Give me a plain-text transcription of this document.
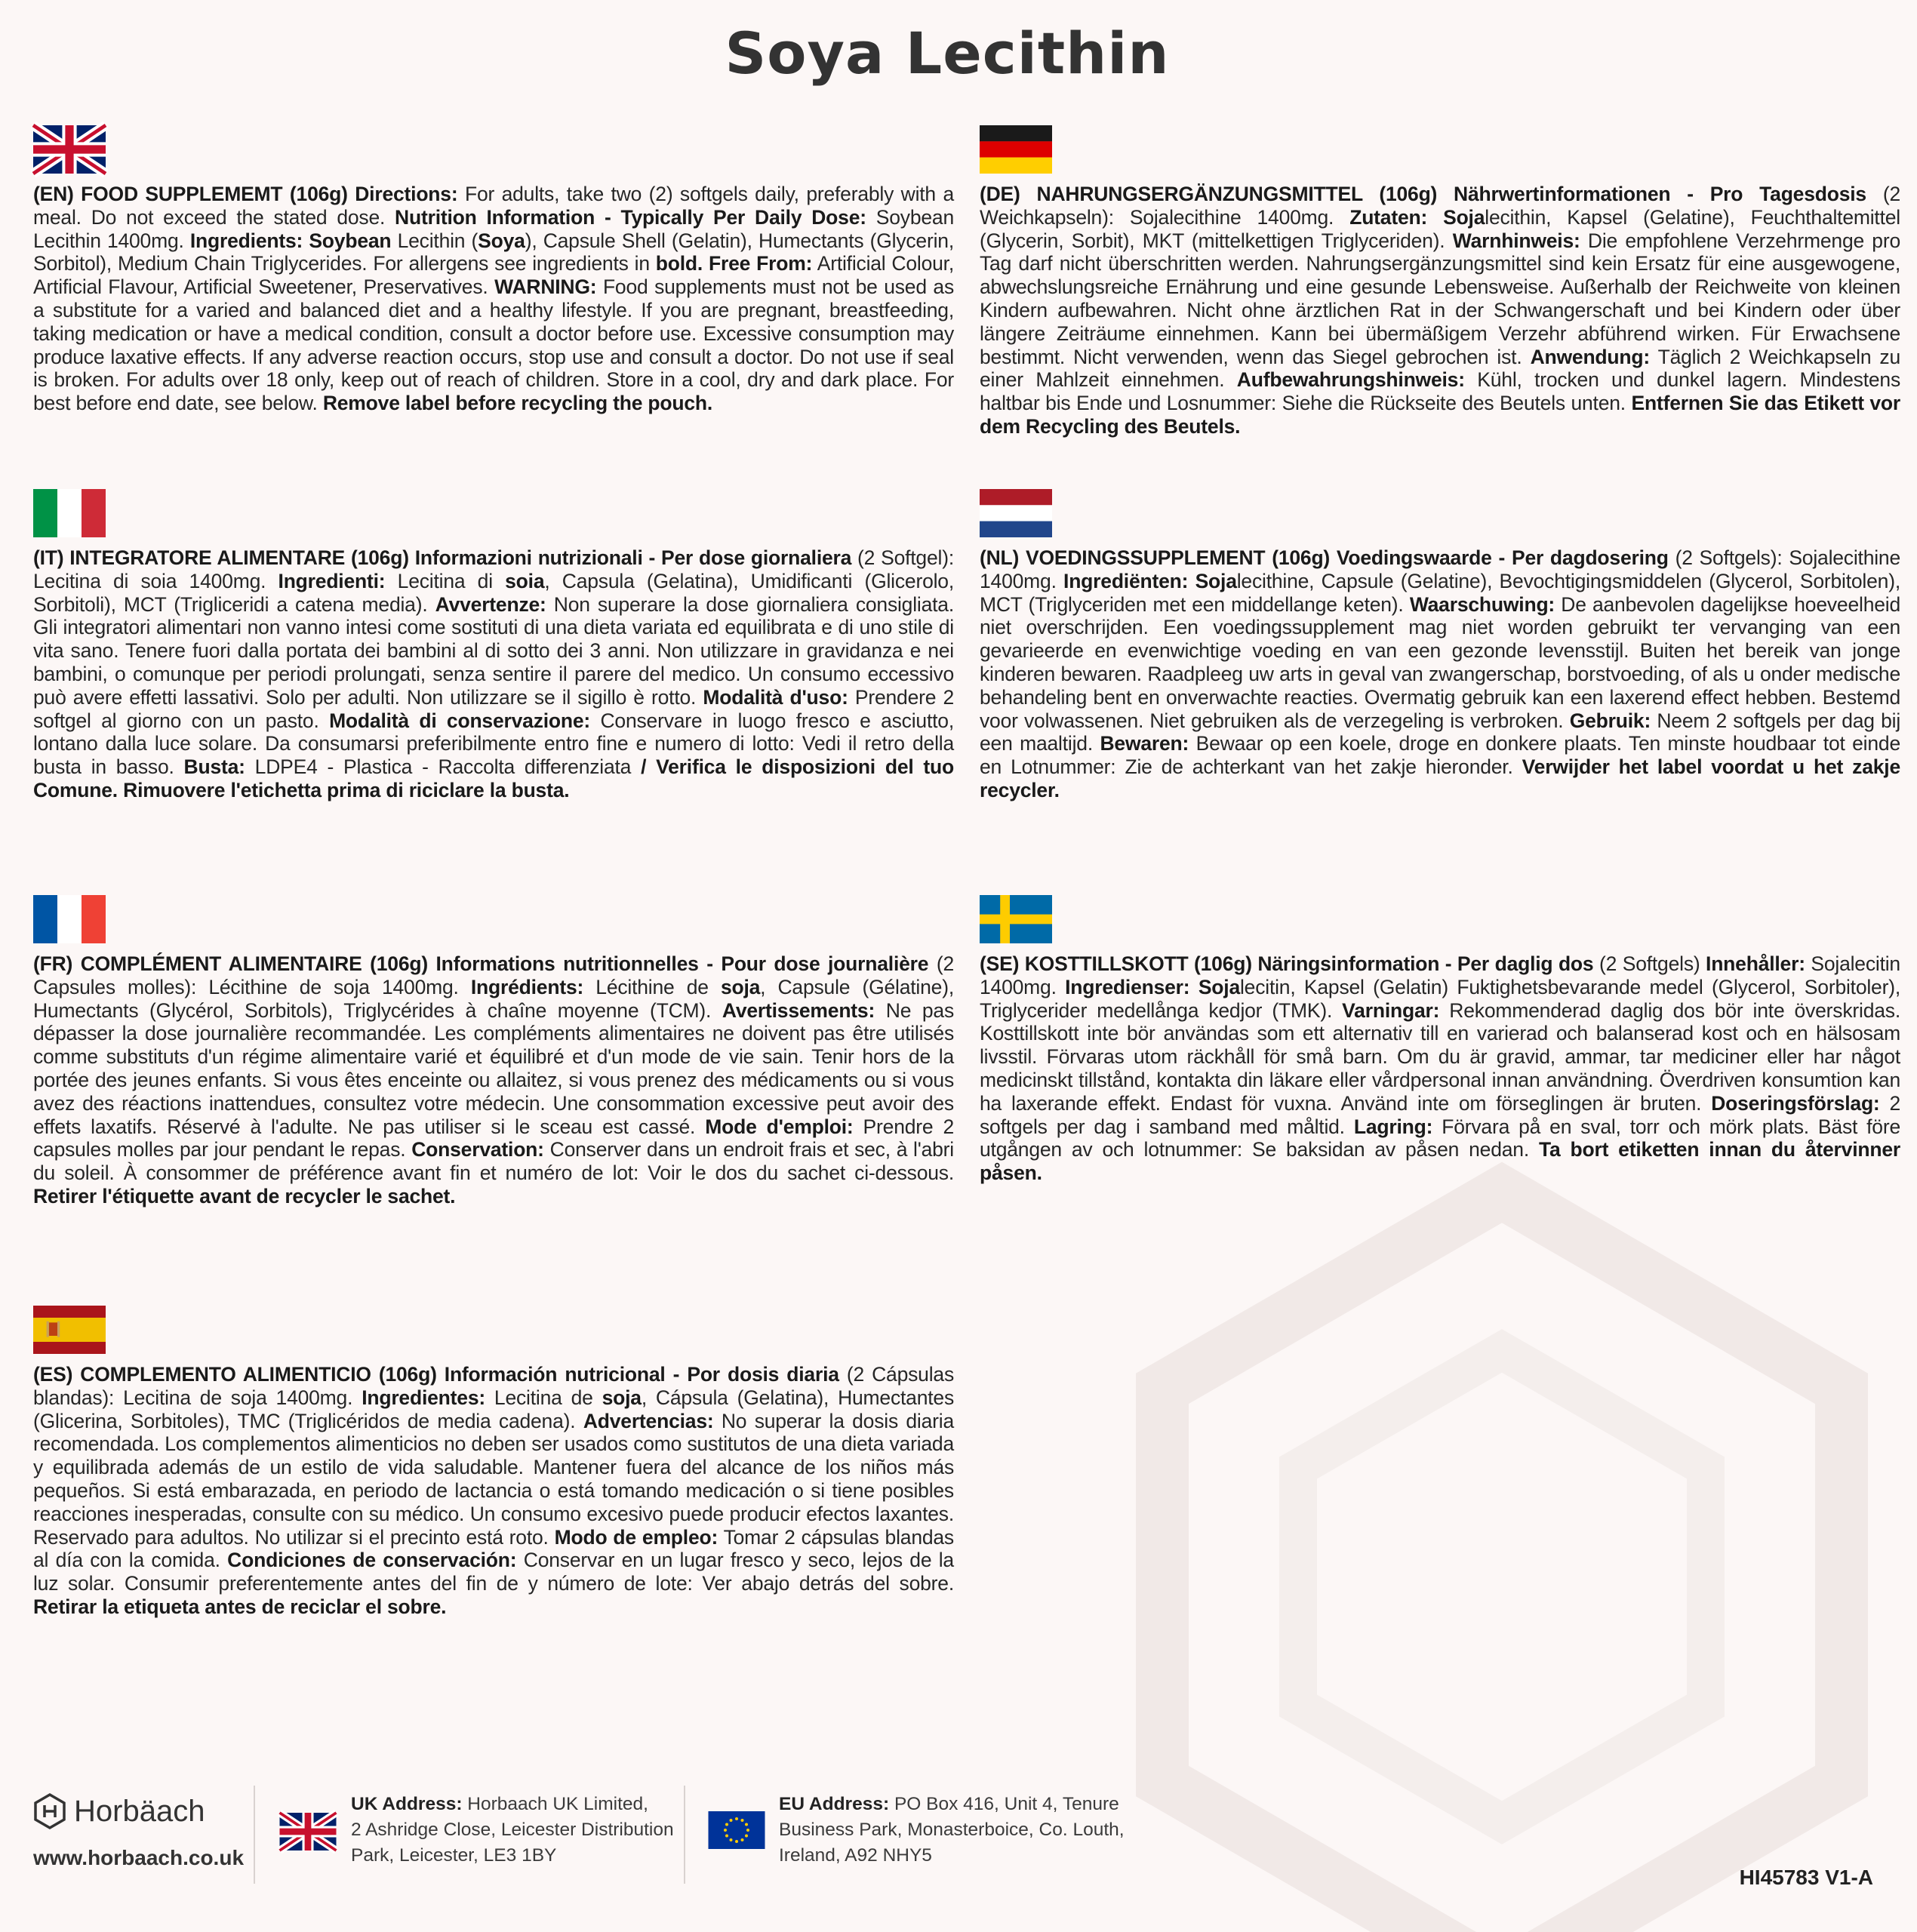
Soya Lecithin
(EN) FOOD SUPPLEMEMT (106g) Directions: For adults, take two (2) softgels daily, preferably with a meal. Do not exceed the stated dose. Nutrition Information - Typically Per Daily Dose: Soybean Lecithin 1400mg. Ingredients: Soybean Lecithin (Soya), Capsule Shell (Gelatin), Humectants (Glycerin, Sorbitol), Medium Chain Triglycerides. For allergens see ingredients in bold. Free From: Artificial Colour, Artificial Flavour, Artificial Sweetener, Preservatives. WARNING: Food supplements must not be used as a substitute for a varied and balanced diet and a healthy lifestyle. If you are pregnant, breastfeeding, taking medication or have a medical condition, consult a doctor before use. Excessive consumption may produce laxative effects. If any adverse reaction occurs, stop use and consult a doctor. Do not use if seal is broken. For adults over 18 only, keep out of reach of children. Store in a cool, dry and dark place. For best before end date, see below. Remove label before recycling the pouch.
(DE) NAHRUNGSERGÄNZUNGSMITTEL (106g) Nährwertinformationen - Pro Tagesdosis (2 Weichkapseln): Sojalecithine 1400mg. Zutaten: Sojalecithin, Kapsel (Gelatine), Feuchthaltemittel (Glycerin, Sorbit), MKT (mittelkettigen Triglyceriden). Warnhinweis: Die empfohlene Verzehrmenge pro Tag darf nicht überschritten werden. Nahrungsergänzungsmittel sind kein Ersatz für eine ausgewogene, abwechslungsreiche Ernährung und eine gesunde Lebensweise. Außerhalb der Reichweite von kleinen Kindern aufbewahren. Nicht ohne ärztlichen Rat in der Schwangerschaft und bei Kindern oder über längere Zeiträume einnehmen. Kann bei übermäßigem Verzehr abführend wirken. Für Erwachsene bestimmt. Nicht verwenden, wenn das Siegel gebrochen ist. Anwendung: Täglich 2 Weichkapseln zu einer Mahlzeit einnehmen. Aufbewahrungshinweis: Kühl, trocken und dunkel lagern. Mindestens haltbar bis Ende und Losnummer: Siehe die Rückseite des Beutels unten. Entfernen Sie das Etikett vor dem Recycling des Beutels.
(IT) INTEGRATORE ALIMENTARE (106g) Informazioni nutrizionali - Per dose giornaliera (2 Softgel): Lecitina di soia 1400mg. Ingredienti: Lecitina di soia, Capsula (Gelatina), Umidificanti (Glicerolo, Sorbitoli), MCT (Trigliceridi a catena media). Avvertenze: Non superare la dose giornaliera consigliata. Gli integratori alimentari non vanno intesi come sostituti di una dieta variata ed equilibrata e di uno stile di vita sano. Tenere fuori dalla portata dei bambini al di sotto dei 3 anni. Non utilizzare in gravidanza e nei bambini, o comunque per periodi prolungati, senza sentire il parere del medico. Un consumo eccessivo può avere effetti lassativi. Solo per adulti. Non utilizzare se il sigillo è rotto. Modalità d'uso: Prendere 2 softgel al giorno con un pasto. Modalità di conservazione: Conservare in luogo fresco e asciutto, lontano dalla luce solare. Da consumarsi preferibilmente entro fine e numero di lotto: Vedi il retro della busta in basso. Busta: LDPE4 - Plastica - Raccolta differenziata / Verifica le disposizioni del tuo Comune. Rimuovere l'etichetta prima di riciclare la busta.
(NL) VOEDINGSSUPPLEMENT (106g) Voedingswaarde - Per dagdosering (2 Softgels): Sojalecithine 1400mg. Ingrediënten: Sojalecithine, Capsule (Gelatine), Bevochtigingsmiddelen (Glycerol, Sorbitolen), MCT (Triglyceriden met een middellange keten). Waarschuwing: De aanbevolen dagelijkse hoeveelheid niet overschrijden. Een voedingssupplement mag niet worden gebruikt ter vervanging van een gevarieerde en evenwichtige voeding en van een gezonde levensstijl. Buiten het bereik van jonge kinderen bewaren. Raadpleeg uw arts in geval van zwangerschap, borstvoeding, of als u onder medische behandeling bent en onverwachte reacties. Overmatig gebruik kan een laxerend effect hebben. Bestemd voor volwassenen. Niet gebruiken als de verzegeling is verbroken. Gebruik: Neem 2 softgels per dag bij een maaltijd. Bewaren: Bewaar op een koele, droge en donkere plaats. Ten minste houdbaar tot einde en Lotnummer: Zie de achterkant van het zakje hieronder. Verwijder het label voordat u het zakje recycler.
(FR) COMPLÉMENT ALIMENTAIRE (106g) Informations nutritionnelles - Pour dose journalière (2 Capsules molles): Lécithine de soja 1400mg. Ingrédients: Lécithine de soja, Capsule (Gélatine), Humectants (Glycérol, Sorbitols), Triglycérides à chaîne moyenne (TCM). Avertissements: Ne pas dépasser la dose journalière recommandée. Les compléments alimentaires ne doivent pas être utilisés comme substituts d'un régime alimentaire varié et équilibré et d'un mode de vie sain. Tenir hors de la portée des jeunes enfants. Si vous êtes enceinte ou allaitez, si vous prenez des médicaments ou si vous avez des réactions inattendues, consultez votre médecin. Une consommation excessive peut avoir des effets laxatifs. Réservé à l'adulte. Ne pas utiliser si le sceau est cassé. Mode d'emploi: Prendre 2 capsules molles par jour pendant le repas. Conservation: Conserver dans un endroit frais et sec, à l'abri du soleil. À consommer de préférence avant fin et numéro de lot: Voir le dos du sachet ci-dessous. Retirer l'étiquette avant de recycler le sachet.
(SE) KOSTTILLSKOTT (106g) Näringsinformation - Per daglig dos (2 Softgels) Innehåller: Sojalecitin 1400mg. Ingredienser: Sojalecitin, Kapsel (Gelatin) Fuktighetsbevarande medel (Glycerol, Sorbitoler), Triglycerider medellånga kedjor (TMK). Varningar: Rekommenderad daglig dos bör inte överskridas. Kosttillskott inte bör användas som ett alternativ till en varierad och balanserad kost och en hälsosam livsstil. Förvaras utom räckhåll för små barn. Om du är gravid, ammar, tar mediciner eller har något medicinskt tillstånd, kontakta din läkare eller vårdpersonal innan användning. Överdriven konsumtion kan ha laxerande effekt. Endast för vuxna. Använd inte om förseglingen är bruten. Doseringsförslag: 2 softgels per dag i samband med måltid. Lagring: Förvara på en sval, torr och mörk plats. Bäst före utgången av och lotnummer: Se baksidan av påsen nedan. Ta bort etiketten innan du återvinner påsen.
(ES) COMPLEMENTO ALIMENTICIO (106g) Información nutricional - Por dosis diaria (2 Cápsulas blandas): Lecitina de soja 1400mg. Ingredientes: Lecitina de soja, Cápsula (Gelatina), Humectantes (Glicerina, Sorbitoles), TMC (Triglicéridos de media cadena). Advertencias: No superar la dosis diaria recomendada. Los complementos alimenticios no deben ser usados como sustitutos de una dieta variada y equilibrada además de un estilo de vida saludable. Mantener fuera del alcance de los niños más pequeños. Si está embarazada, en periodo de lactancia o está tomando medicación o si tiene posibles reacciones inesperadas, consulte con su médico. Un consumo excesivo puede producir efectos laxantes. Reservado para adultos. No utilizar si el precinto está roto. Modo de empleo: Tomar 2 cápsulas blandas al día con la comida. Condiciones de conservación: Conservar en un lugar fresco y seco, lejos de la luz solar. Consumir preferentemente antes del fin de y número de lote: Ver abajo detrás del sobre. Retirar la etiqueta antes de reciclar el sobre.
Horbäach
www.horbaach.co.uk
UK Address: Horbaach UK Limited,
2 Ashridge Close, Leicester Distribution
Park, Leicester, LE3 1BY
EU Address: PO Box 416, Unit 4, Tenure
Business Park, Monasterboice, Co. Louth,
Ireland, A92 NHY5
HI45783 V1-A
